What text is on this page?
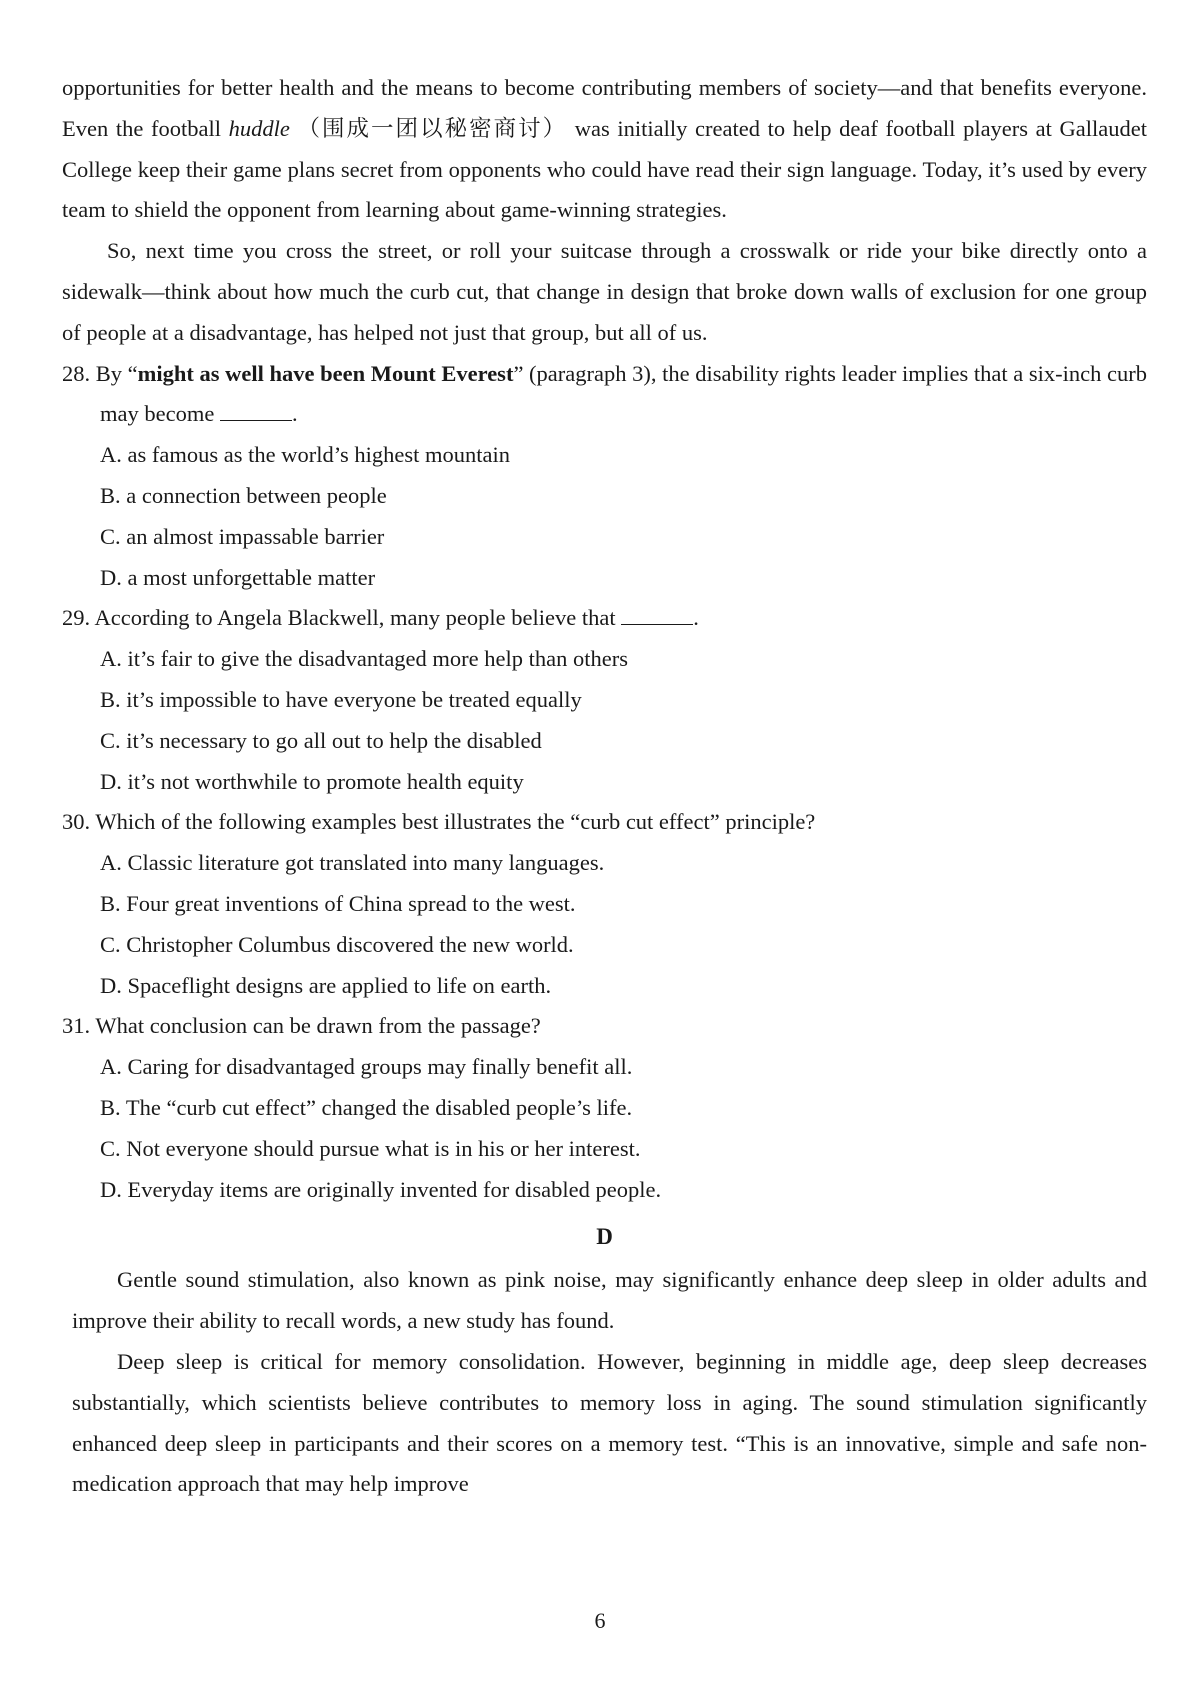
opportunities for better health and the means to become contributing members of society—and that benefits everyone. Even the football huddle （围成一团以秘密商讨） was initially created to help deaf football players at Gallaudet College keep their game plans secret from opponents who could have read their sign language. Today, it’s used by every team to shield the opponent from learning about game-winning strategies.

So, next time you cross the street, or roll your suitcase through a crosswalk or ride your bike directly onto a sidewalk—think about how much the curb cut, that change in design that broke down walls of exclusion for one group of people at a disadvantage, has helped not just that group, but all of us.

28. By “might as well have been Mount Everest” (paragraph 3), the disability rights leader implies that a six-inch curb may become	.

A. as famous as the world’s highest mountain

B. a connection between people

C. an almost impassable barrier

D. a most unforgettable matter

29. According to Angela Blackwell, many people believe that	.

A. it’s fair to give the disadvantaged more help than others

B. it’s impossible to have everyone be treated equally

C. it’s necessary to go all out to help the disabled

D. it’s not worthwhile to promote health equity

30. Which of the following examples best illustrates the “curb cut effect” principle?

A. Classic literature got translated into many languages.

B. Four great inventions of China spread to the west.

C. Christopher Columbus discovered the new world.

D. Spaceflight designs are applied to life on earth.

31. What conclusion can be drawn from the passage?

A. Caring for disadvantaged groups may finally benefit all.

B. The “curb cut effect” changed the disabled people’s life.

C. Not everyone should pursue what is in his or her interest.

D. Everyday items are originally invented for disabled people.

D

Gentle sound stimulation, also known as pink noise, may significantly enhance deep sleep in older adults and improve their ability to recall words, a new study has found.

Deep sleep is critical for memory consolidation. However, beginning in middle age, deep sleep decreases substantially, which scientists believe contributes to memory loss in aging. The sound stimulation significantly enhanced deep sleep in participants and their scores on a memory test. “This is an innovative, simple and safe non-medication approach that may help improve

6
